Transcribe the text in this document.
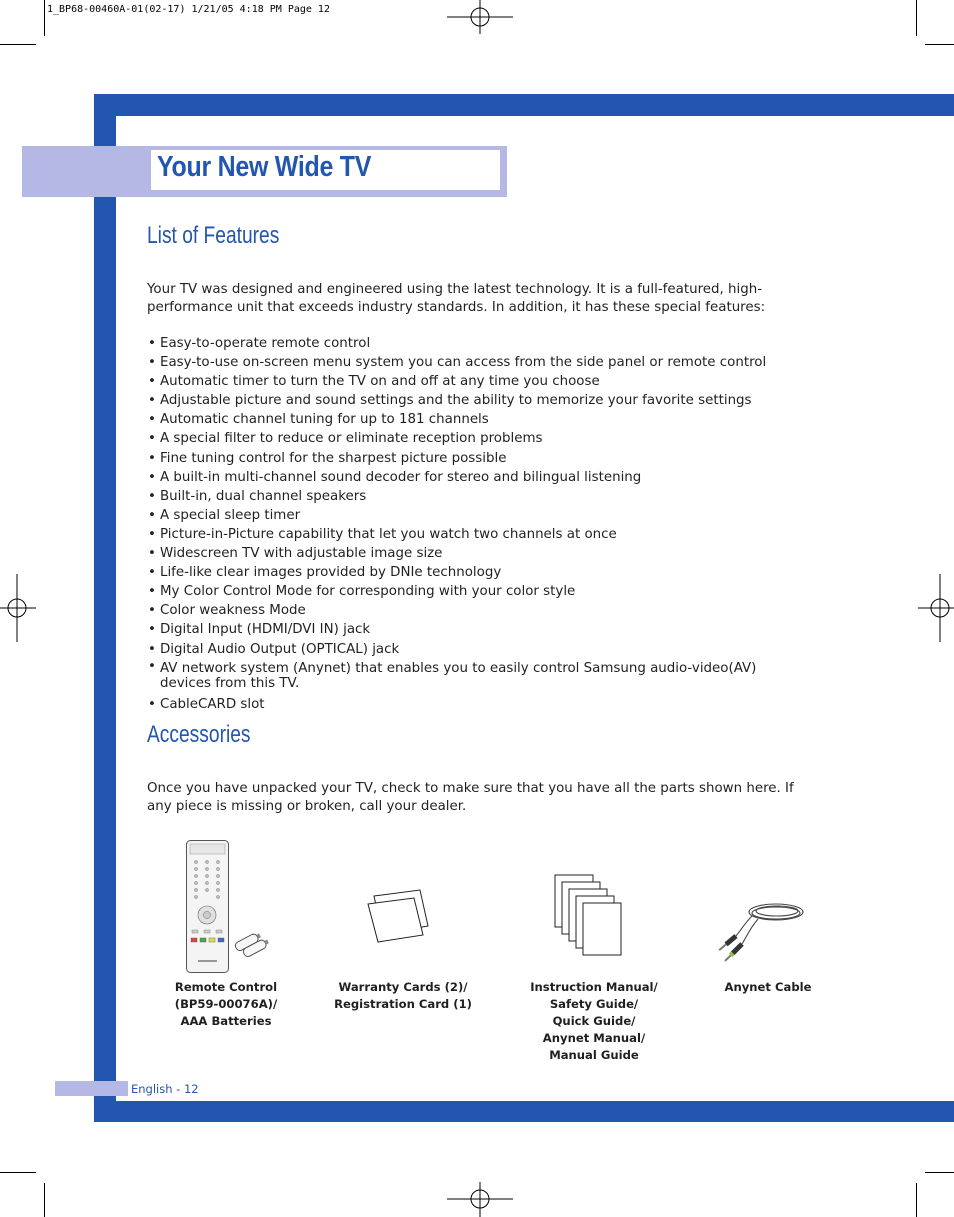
1_BP68-00460A-01(02-17) 1/21/05 4:18 PM Page 12
Your New Wide TV
List of Features
Your TV was designed and engineered using the latest technology. It is a full-featured, high-performance unit that exceeds industry standards. In addition, it has these special features:
• Easy-to-operate remote control
• Easy-to-use on-screen menu system you can access from the side panel or remote control
• Automatic timer to turn the TV on and off at any time you choose
• Adjustable picture and sound settings and the ability to memorize your favorite settings
• Automatic channel tuning for up to 181 channels
• A special filter to reduce or eliminate reception problems
• Fine tuning control for the sharpest picture possible
• A built-in multi-channel sound decoder for stereo and bilingual listening
• Built-in, dual channel speakers
• A special sleep timer
• Picture-in-Picture capability that let you watch two channels at once
• Widescreen TV with adjustable image size
• Life-like clear images provided by DNIe technology
• My Color Control Mode for corresponding with your color style
• Color weakness Mode
• Digital Input (HDMI/DVI IN) jack
• Digital Audio Output (OPTICAL) jack
• AV network system (Anynet) that enables you to easily control Samsung audio-video(AV) devices from this TV.
• CableCARD slot
Accessories
Once you have unpacked your TV, check to make sure that you have all the parts shown here. If any piece is missing or broken, call your dealer.
Remote Control
(BP59-00076A)/
AAA Batteries
Warranty Cards (2)/
Registration Card (1)
Instruction Manual/
Safety Guide/
Quick Guide/
Anynet Manual/
Manual Guide
Anynet Cable
English - 12
